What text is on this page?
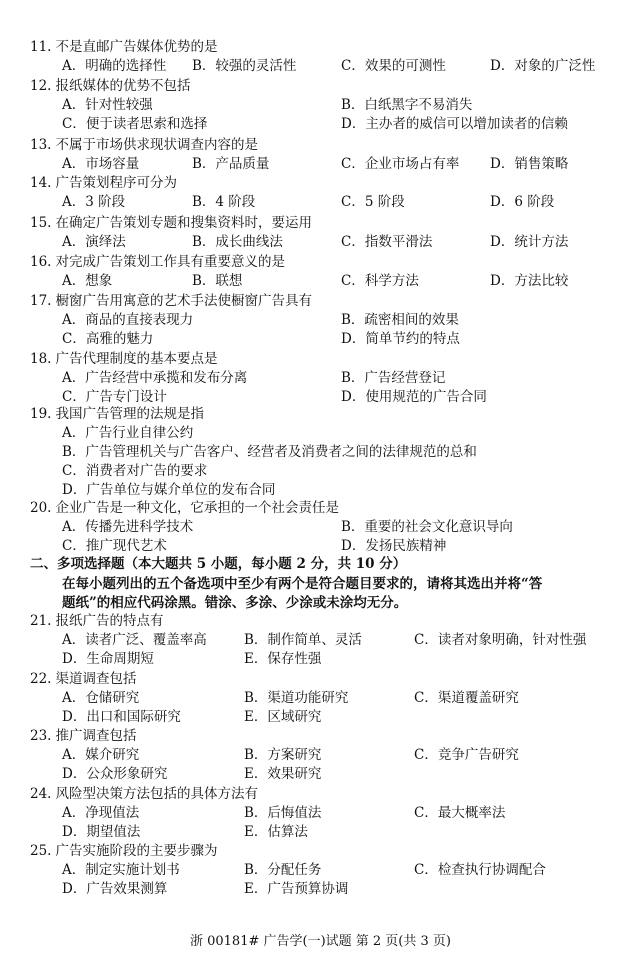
11. 不是直邮广告媒体优势的是
A．明确的选择性 B．较强的灵活性	C．效果的可测性	D．对象的广泛性
12. 报纸媒体的优势不包括
A．针对性较强	B．白纸黑字不易消失
C．便于读者思索和选择	D．主办者的威信可以增加读者的信赖
13. 不属于市场供求现状调查内容的是
A．市场容量	B．产品质量	C．企业市场占有率 D．销售策略
14. 广告策划程序可分为
A．3 阶段	B．4 阶段	C．5 阶段	D．6 阶段
15. 在确定广告策划专题和搜集资料时，要运用
A．演绎法	B．成长曲线法	C．指数平滑法	D．统计方法
16. 对完成广告策划工作具有重要意义的是
A．想象	B．联想	C．科学方法	D．方法比较
17. 橱窗广告用寓意的艺术手法使橱窗广告具有
A．商品的直接表现力	B．疏密相间的效果
C．高雅的魅力	D．简单节约的特点
18. 广告代理制度的基本要点是
A．广告经营中承揽和发布分离	B．广告经营登记
C．广告专门设计	D．使用规范的广告合同
19. 我国广告管理的法规是指
A．广告行业自律公约
B．广告管理机关与广告客户、经营者及消费者之间的法律规范的总和
C．消费者对广告的要求
D．广告单位与媒介单位的发布合同
20. 企业广告是一种文化，它承担的一个社会责任是
A．传播先进科学技术	B．重要的社会文化意识导向
C．推广现代艺术	D．发扬民族精神
二、多项选择题（本大题共 5 小题，每小题 2 分，共 10 分）
在每小题列出的五个备选项中至少有两个是符合题目要求的，请将其选出并将“答
题纸”的相应代码涂黑。错涂、多涂、少涂或未涂均无分。
21. 报纸广告的特点有
A．读者广泛、覆盖率高	B．制作简单、灵活	C．读者对象明确，针对性强
D．生命周期短	E．保存性强
22. 渠道调查包括
A．仓储研究	B．渠道功能研究	C．渠道覆盖研究
D．出口和国际研究	E．区域研究
23. 推广调查包括
A．媒介研究	B．方案研究	C．竞争广告研究
D．公众形象研究	E．效果研究
24. 风险型决策方法包括的具体方法有
A．净现值法	B．后悔值法	C．最大概率法
D．期望值法	E．估算法
25. 广告实施阶段的主要步骤为
A．制定实施计划书	B．分配任务	C．检查执行协调配合
D．广告效果测算	E．广告预算协调
浙 00181# 广告学(一)试题 第 2 页(共 3 页)
